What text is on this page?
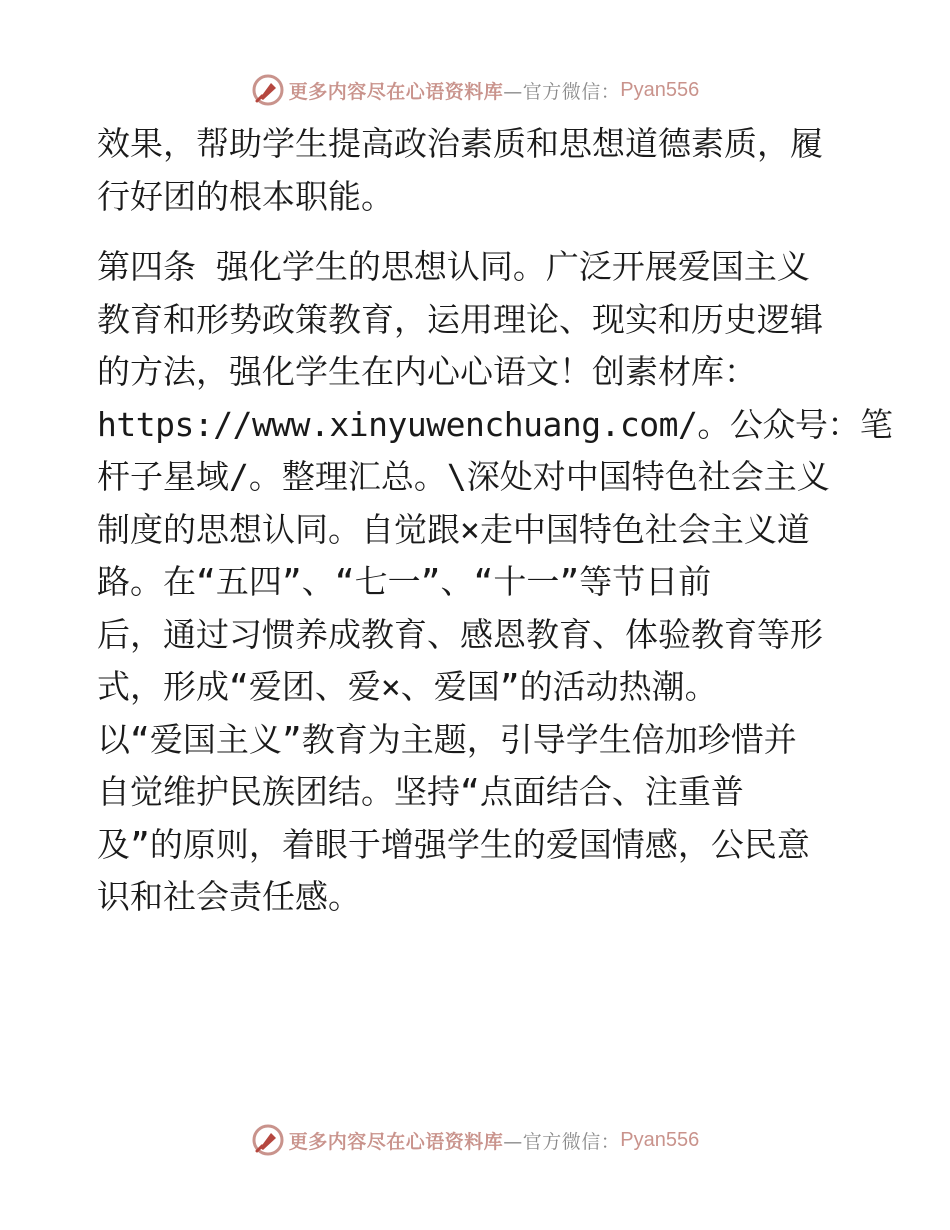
更多内容尽在心语资料库 —官方微信： Pyan556

效果，帮助学生提高政治素质和思想道德素质，履
行好团的根本职能。

第四条 强化学生的思想认同。广泛开展爱国主义
教育和形势政策教育，运用理论、现实和历史逻辑
的方法，强化学生在内心心语文！创素材库：
https://www.xinyuwenchuang.com/。公众号：笔
杆子星域/。整理汇总。\深处对中国特色社会主义
制度的思想认同。自觉跟×走中国特色社会主义道
路。在“五四”、“七一”、“十一”等节日前
后，通过习惯养成教育、感恩教育、体验教育等形
式，形成“爱团、爱×、爱国”的活动热潮。
以“爱国主义”教育为主题，引导学生倍加珍惜并
自觉维护民族团结。坚持“点面结合、注重普
及”的原则，着眼于增强学生的爱国情感，公民意
识和社会责任感。

更多内容尽在心语资料库 —官方微信： Pyan556
